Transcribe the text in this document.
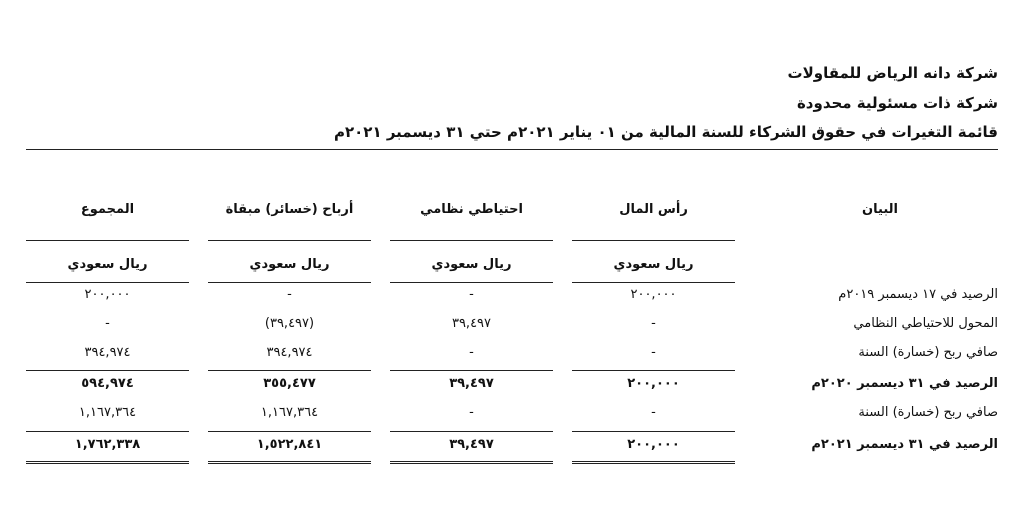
شركة دانه الرياض للمقاولات
شركة ذات مسئولية محدودة
قائمة التغيرات في حقوق الشركاء للسنة المالية من ٠١ يناير ٢٠٢١م حتي ٣١ ديسمبر ٢٠٢١م
البيان
رأس المال
احتياطي نظامي
أرباح (خسائر) مبقاة
المجموع
ريال سعودي
ريال سعودي
ريال سعودي
ريال سعودي
الرصيد في ١٧ ديسمبر ٢٠١٩م
٢٠٠,٠٠٠
-
-
٢٠٠,٠٠٠
المحول للاحتياطي النظامي
-
٣٩,٤٩٧
(٣٩,٤٩٧)
-
صافي ربح (خسارة) السنة
-
-
٣٩٤,٩٧٤
٣٩٤,٩٧٤
الرصيد في ٣١ ديسمبر ٢٠٢٠م
٢٠٠,٠٠٠
٣٩,٤٩٧
٣٥٥,٤٧٧
٥٩٤,٩٧٤
صافي ربح (خسارة) السنة
-
-
١,١٦٧,٣٦٤
١,١٦٧,٣٦٤
الرصيد في ٣١ ديسمبر ٢٠٢١م
٢٠٠,٠٠٠
٣٩,٤٩٧
١,٥٢٢,٨٤١
١,٧٦٢,٣٣٨
